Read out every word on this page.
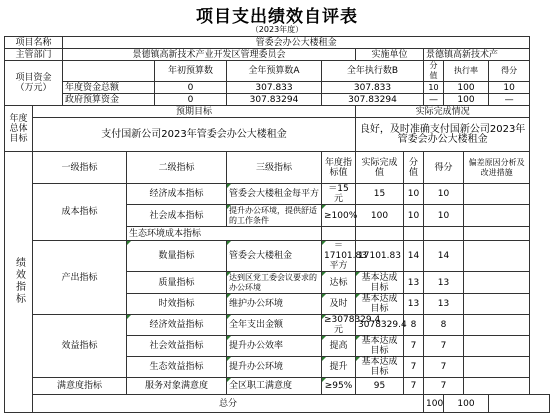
项目支出绩效自评表
（2023年度）
项目名称		管委会办公大楼租金										
主管部门		景德镇高新技术产业开发区管理委员会					实施单位		景德镇高新技术产			
项目资金（万元）				年初预算数	全年预算数A	全年执行数B			分值	执行率		得分
		年度资金总额		0	307.833	307.833			10	100		10
		政府预算资金		0	307.83294	307.83294			—	100		—
年度总体目标	预期目标						实际完成情况					
	支付国新公司2023年管委会办公大楼租金						良好，及时准确支付国新公司2023年管委会办公大楼租金					
绩效指标	一级指标		二级指标		三级指标	年度指标值	实际完成值	分值	得分		偏差原因分析及改进措施	
	成本指标		经济成本指标		管委会大楼租金每平方	＝15元	15	10	10			
			社会成本指标		提升办公环境，提供舒适的工作条件	≥100%	100	10	10			
			生态环境成本指标									
	产出指标		数量指标		管委会大楼租金	＝17101.83平方	17101.83	14	14			
			质量指标		达到区党工委会议要求的办公环境	达标	基本达成目标	13	13			
			时效指标		维护办公环境	及时	基本达成目标	13	13			
	效益指标		经济效益指标		全年支出金额	≥3078329.4元	3078329.4	8	8			
			社会效益指标		提升办公效率	提高	基本达成目标	7	7			
			生态效益指标		提升办公环境	提升	基本达成目标	7	7			
	满意度指标		服务对象满意度		全区职工满意度	≥95%	95	7	7			
	总分								100	100		
